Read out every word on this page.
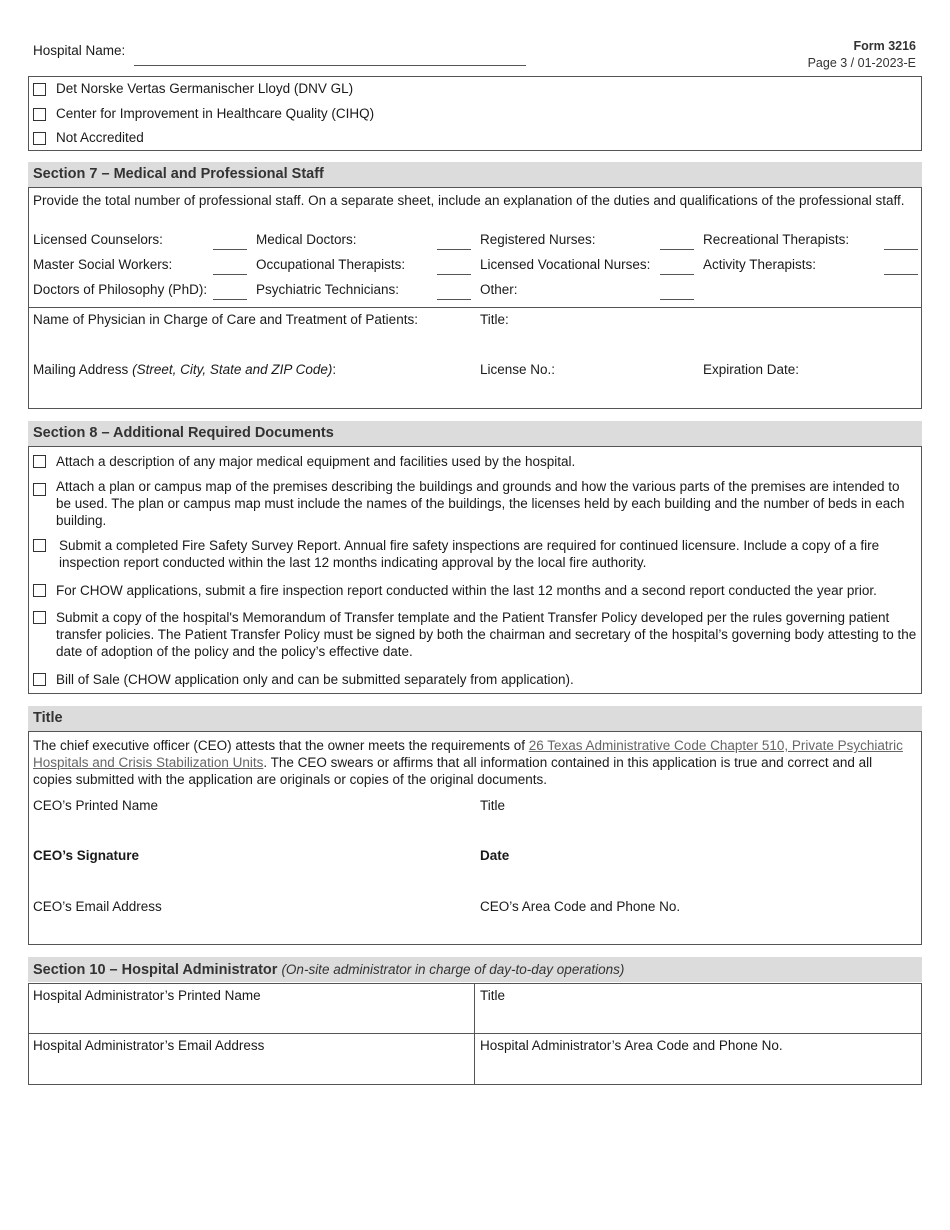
Hospital Name:	Form 3216
Page 3 / 01-2023-E
Det Norske Vertas Germanischer Lloyd (DNV GL)
Center for Improvement in Healthcare Quality (CIHQ)
Not Accredited
Section 7 – Medical and Professional Staff
Provide the total number of professional staff. On a separate sheet, include an explanation of the duties and qualifications of the professional staff.
Licensed Counselors:	Medical Doctors:	Registered Nurses:	Recreational Therapists:
Master Social Workers:	Occupational Therapists:	Licensed Vocational Nurses:	Activity Therapists:
Doctors of Philosophy (PhD):	Psychiatric Technicians:	Other:
Name of Physician in Charge of Care and Treatment of Patients:	Title:
Mailing Address (Street, City, State and ZIP Code):	License No.:	Expiration Date:
Section 8 – Additional Required Documents
Attach a description of any major medical equipment and facilities used by the hospital.
Attach a plan or campus map of the premises describing the buildings and grounds and how the various parts of the premises are intended to be used. The plan or campus map must include the names of the buildings, the licenses held by each building and the number of beds in each building.
Submit a completed Fire Safety Survey Report. Annual fire safety inspections are required for continued licensure. Include a copy of a fire inspection report conducted within the last 12 months indicating approval by the local fire authority.
For CHOW applications, submit a fire inspection report conducted within the last 12 months and a second report conducted the year prior.
Submit a copy of the hospital's Memorandum of Transfer template and the Patient Transfer Policy developed per the rules governing patient transfer policies. The Patient Transfer Policy must be signed by both the chairman and secretary of the hospital’s governing body attesting to the date of adoption of the policy and the policy’s effective date.
Bill of Sale (CHOW application only and can be submitted separately from application).
Title
The chief executive officer (CEO) attests that the owner meets the requirements of 26 Texas Administrative Code Chapter 510, Private Psychiatric Hospitals and Crisis Stabilization Units. The CEO swears or affirms that all information contained in this application is true and correct and all copies submitted with the application are originals or copies of the original documents.
CEO’s Printed Name	Title
CEO’s Signature	Date
CEO’s Email Address	CEO’s Area Code and Phone No.
Section 10 – Hospital Administrator (On-site administrator in charge of day-to-day operations)
Hospital Administrator’s Printed Name	Title
Hospital Administrator’s Email Address	Hospital Administrator’s Area Code and Phone No.
